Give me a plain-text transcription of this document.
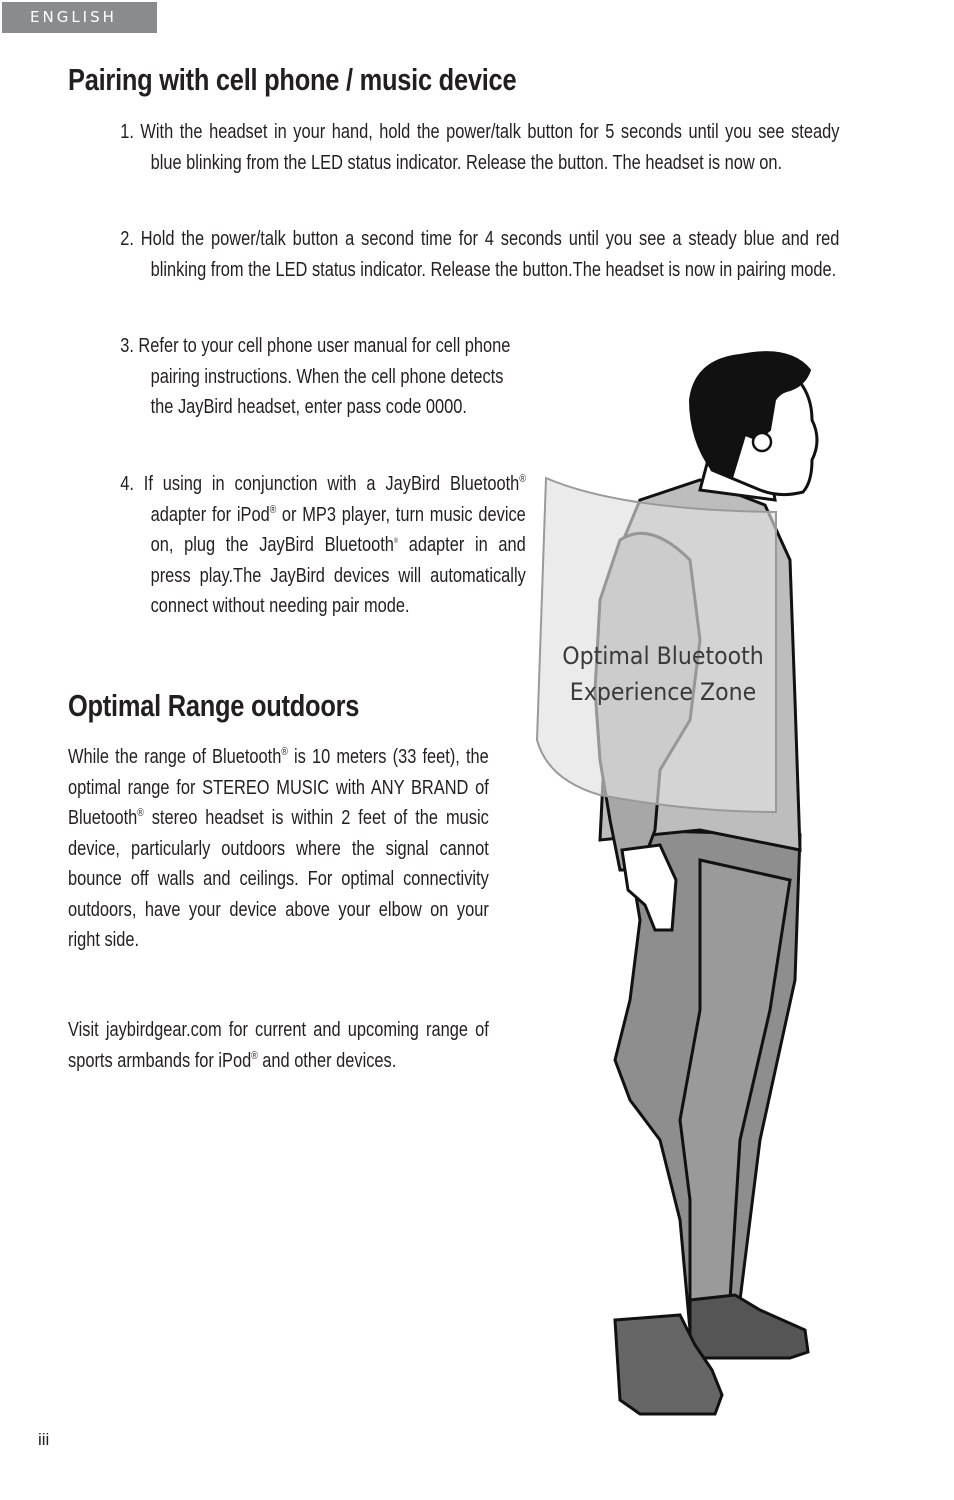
ENGLISH
Pairing with cell phone / music device

1. With the headset in your hand, hold the power/talk button for 5 seconds until you see steady blue blinking from the LED status indicator. Release the button. The headset is now on.

2. Hold the power/talk button a second time for 4 seconds until you see a steady blue and red blinking from the LED status indicator. Release the button.The headset is now in pairing mode.

3. Refer to your cell phone user manual for cell phone pairing instructions. When the cell phone detects the JayBird headset, enter pass code 0000.

4. If using in conjunction with a JayBird Bluetooth® adapter for iPod® or MP3 player, turn music device on, plug the JayBird Bluetooth® adapter in and press play.The JayBird devices will automatically connect without needing pair mode.

Optimal Range outdoors

While the range of Bluetooth® is 10 meters (33 feet), the optimal range for STEREO MUSIC with ANY BRAND of Bluetooth® stereo headset is within 2 feet of the music device, particularly outdoors where the signal cannot bounce off walls and ceilings. For optimal connectivity outdoors, have your device above your elbow on your right side.

Visit jaybirdgear.com for current and upcoming range of sports armbands for iPod® and other devices.

Optimal Bluetooth
Experience Zone
iii
